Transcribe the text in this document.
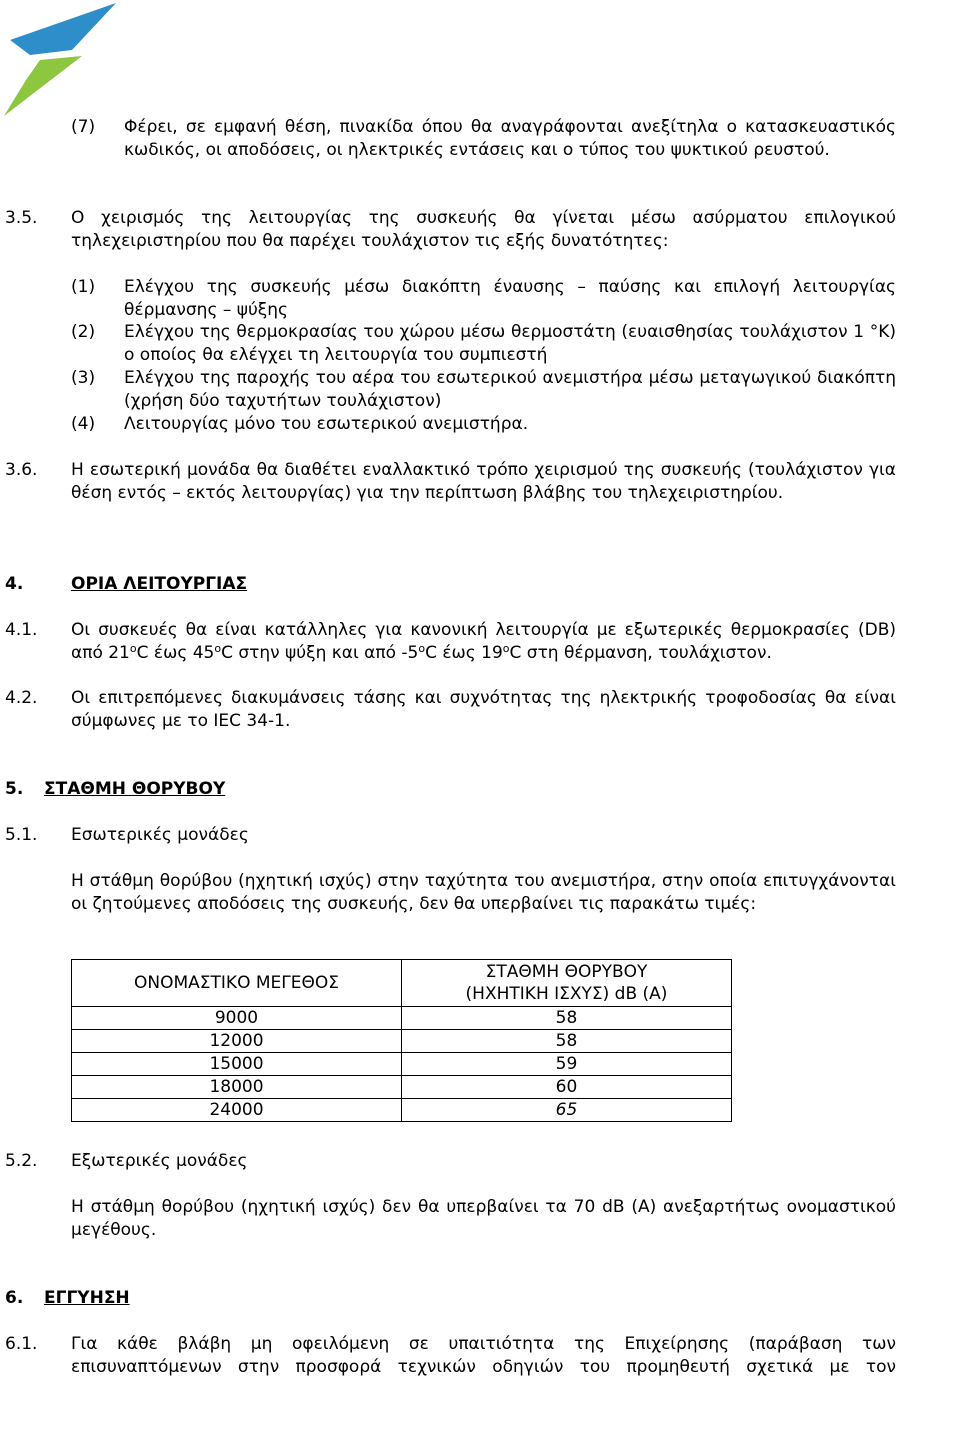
(7) Φέρει, σε εμφανή θέση, πινακίδα όπου θα αναγράφονται ανεξίτηλα ο κατασκευαστικός κωδικός, οι αποδόσεις, οι ηλεκτρικές εντάσεις και ο τύπος του ψυκτικού ρευστού.
3.5. Ο χειρισμός της λειτουργίας της συσκευής θα γίνεται μέσω ασύρματου επιλογικού τηλεχειριστηρίου που θα παρέχει τουλάχιστον τις εξής δυνατότητες:
(1) Ελέγχου της συσκευής μέσω διακόπτη έναυσης – παύσης και επιλογή λειτουργίας θέρμανσης – ψύξης
(2) Ελέγχου της θερμοκρασίας του χώρου μέσω θερμοστάτη (ευαισθησίας τουλάχιστον 1 °K) ο οποίος θα ελέγχει τη λειτουργία του συμπιεστή
(3) Ελέγχου της παροχής του αέρα του εσωτερικού ανεμιστήρα μέσω μεταγωγικού διακόπτη (χρήση δύο ταχυτήτων τουλάχιστον)
(4) Λειτουργίας μόνο του εσωτερικού ανεμιστήρα.
3.6. Η εσωτερική μονάδα θα διαθέτει εναλλακτικό τρόπο χειρισμού της συσκευής (τουλάχιστον για θέση εντός – εκτός λειτουργίας) για την περίπτωση βλάβης του τηλεχειριστηρίου.
4.	ΟΡΙΑ ΛΕΙΤΟΥΡΓΙΑΣ
4.1. Οι συσκευές θα είναι κατάλληλες για κανονική λειτουργία με εξωτερικές θερμοκρασίες (DB) από $21^oC$ έως $45^oC$ στην ψύξη και από $-5^oC$ έως $19^oC$ στη θέρμανση, τουλάχιστον.
4.2. Οι επιτρεπόμενες διακυμάνσεις τάσης και συχνότητας της ηλεκτρικής τροφοδοσίας θα είναι σύμφωνες με το IEC 34-1.
5. ΣΤΑΘΜΗ ΘΟΡΥΒΟΥ
5.1. Εσωτερικές μονάδες
Η στάθμη θορύβου (ηχητική ισχύς) στην ταχύτητα του ανεμιστήρα, στην οποία επιτυγχάνονται οι ζητούμενες αποδόσεις της συσκευής, δεν θα υπερβαίνει τις παρακάτω τιμές:
ΟΝΟΜΑΣΤΙΚΟ ΜΕΓΕΘΟΣ	ΣΤΑΘΜΗ ΘΟΡΥΒΟΥ
(ΗΧΗΤΙΚΗ ΙΣΧΥΣ) dB (A)
9000	58
12000	58
15000	59
18000	60
24000	65
5.2. Εξωτερικές μονάδες
Η στάθμη θορύβου (ηχητική ισχύς) δεν θα υπερβαίνει τα 70 dB (A) ανεξαρτήτως ονομαστικού μεγέθους.
6. ΕΓΓΥΗΣΗ
6.1. Για κάθε βλάβη μη οφειλόμενη σε υπαιτιότητα της Επιχείρησης (παράβαση των επισυναπτόμενων στην προσφορά τεχνικών οδηγιών του προμηθευτή σχετικά με τον
